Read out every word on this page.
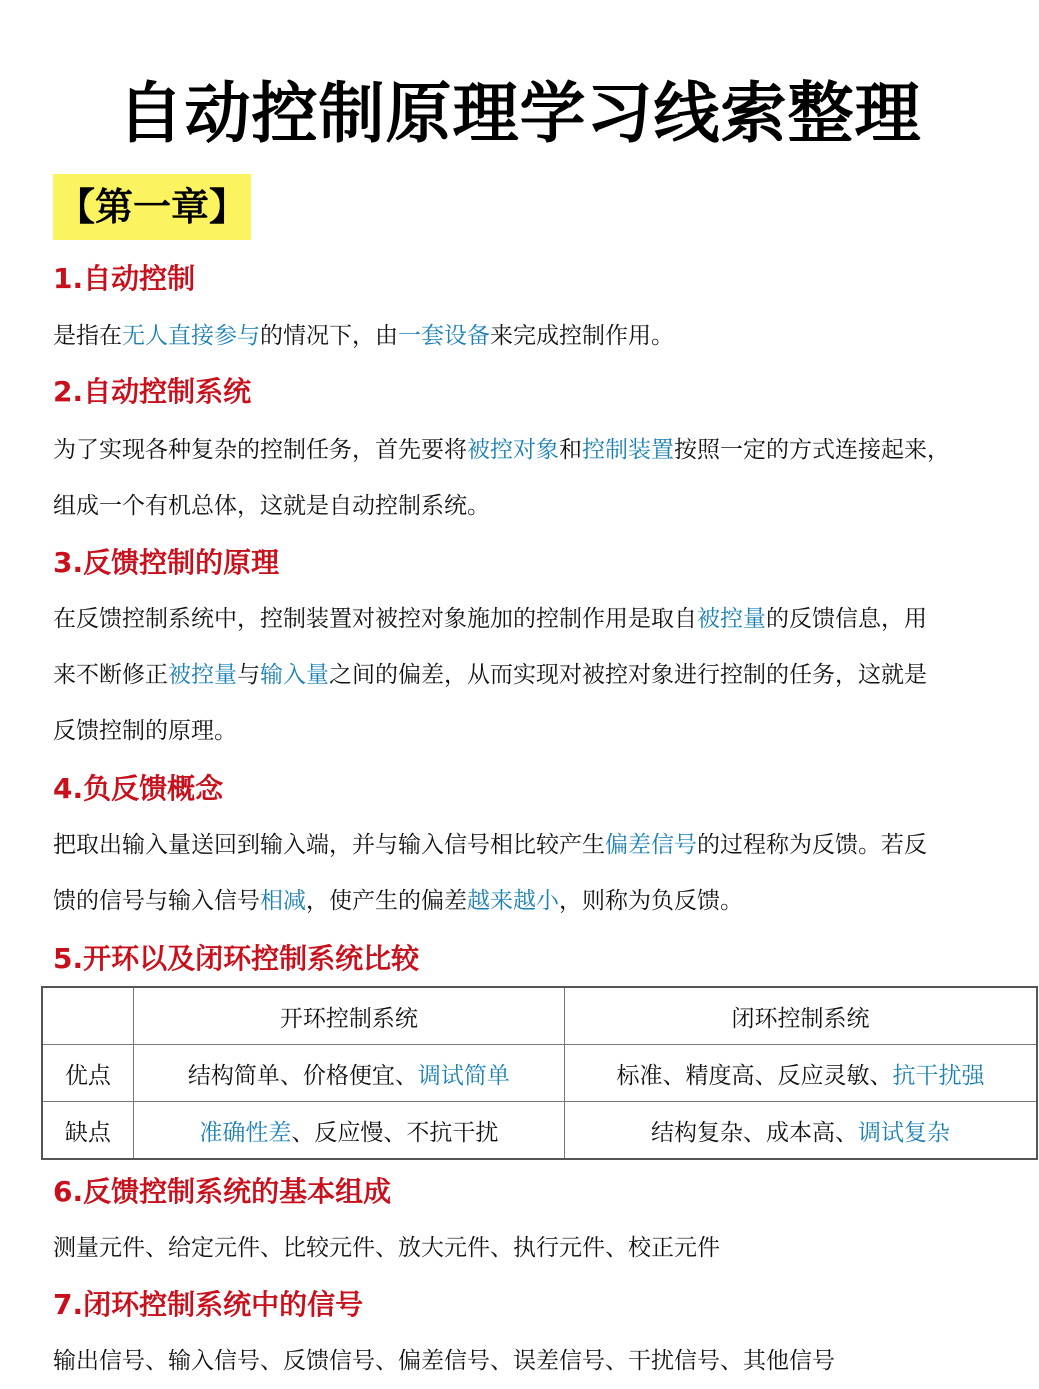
自动控制原理学习线索整理
【第一章】
1.自动控制
是指在无人直接参与的情况下，由一套设备来完成控制作用。
2.自动控制系统
为了实现各种复杂的控制任务，首先要将被控对象和控制装置按照一定的方式连接起来，
组成一个有机总体，这就是自动控制系统。
3.反馈控制的原理
在反馈控制系统中，控制装置对被控对象施加的控制作用是取自被控量的反馈信息，用
来不断修正被控量与输入量之间的偏差，从而实现对被控对象进行控制的任务，这就是
反馈控制的原理。
4.负反馈概念
把取出输入量送回到输入端，并与输入信号相比较产生偏差信号的过程称为反馈。若反
馈的信号与输入信号相减，使产生的偏差越来越小，则称为负反馈。
5.开环以及闭环控制系统比较
	开环控制系统	闭环控制系统
优点	结构简单、价格便宜、调试简单	标准、精度高、反应灵敏、抗干扰强
缺点	准确性差、反应慢、不抗干扰	结构复杂、成本高、调试复杂
6.反馈控制系统的基本组成
测量元件、给定元件、比较元件、放大元件、执行元件、校正元件
7.闭环控制系统中的信号
输出信号、输入信号、反馈信号、偏差信号、误差信号、干扰信号、其他信号
